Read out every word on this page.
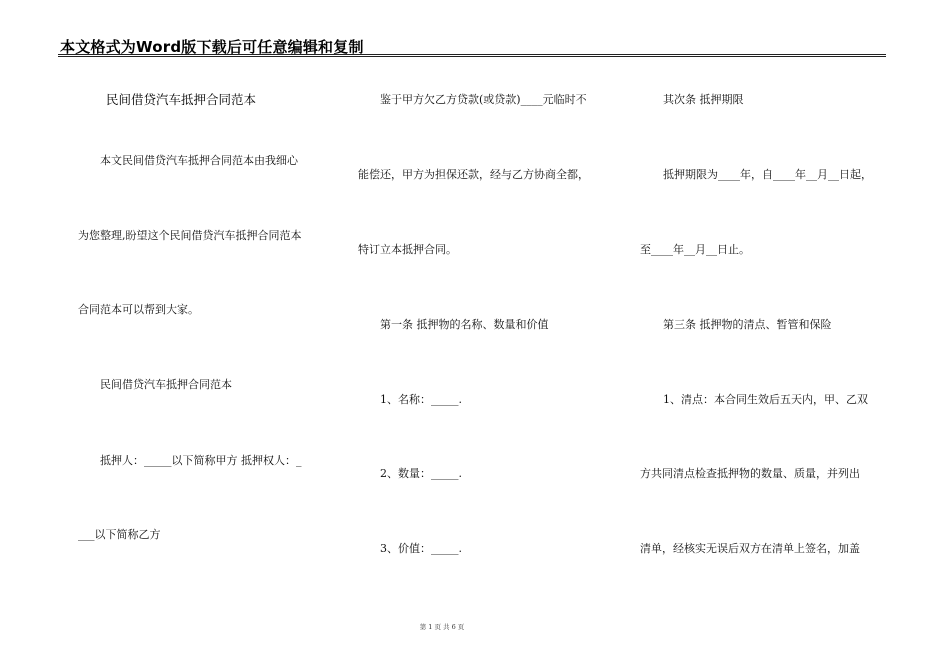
本文格式为Word版下载后可任意编辑和复制
民间借贷汽车抵押合同范本
本文民间借贷汽车抵押合同范本由我细心
为您整理,盼望这个民间借贷汽车抵押合同范本
合同范本可以帮到大家。
民间借贷汽车抵押合同范本
抵押人：_____以下简称甲方 抵押权人：_
___以下简称乙方
鉴于甲方欠乙方贷款(或贷款)____元临时不
能偿还，甲方为担保还款，经与乙方协商全都，
特订立本抵押合同。
第一条 抵押物的名称、数量和价值
1、名称：_____.
2、数量：_____.
3、价值：_____.
其次条 抵押期限
抵押期限为____年，自____年__月__日起，
至____年__月__日止。
第三条 抵押物的清点、暂管和保险
1、清点：本合同生效后五天内，甲、乙双
方共同清点检查抵押物的数量、质量，并列出
清单，经核实无误后双方在清单上签名，加盖
第 1 页 共 6 页
